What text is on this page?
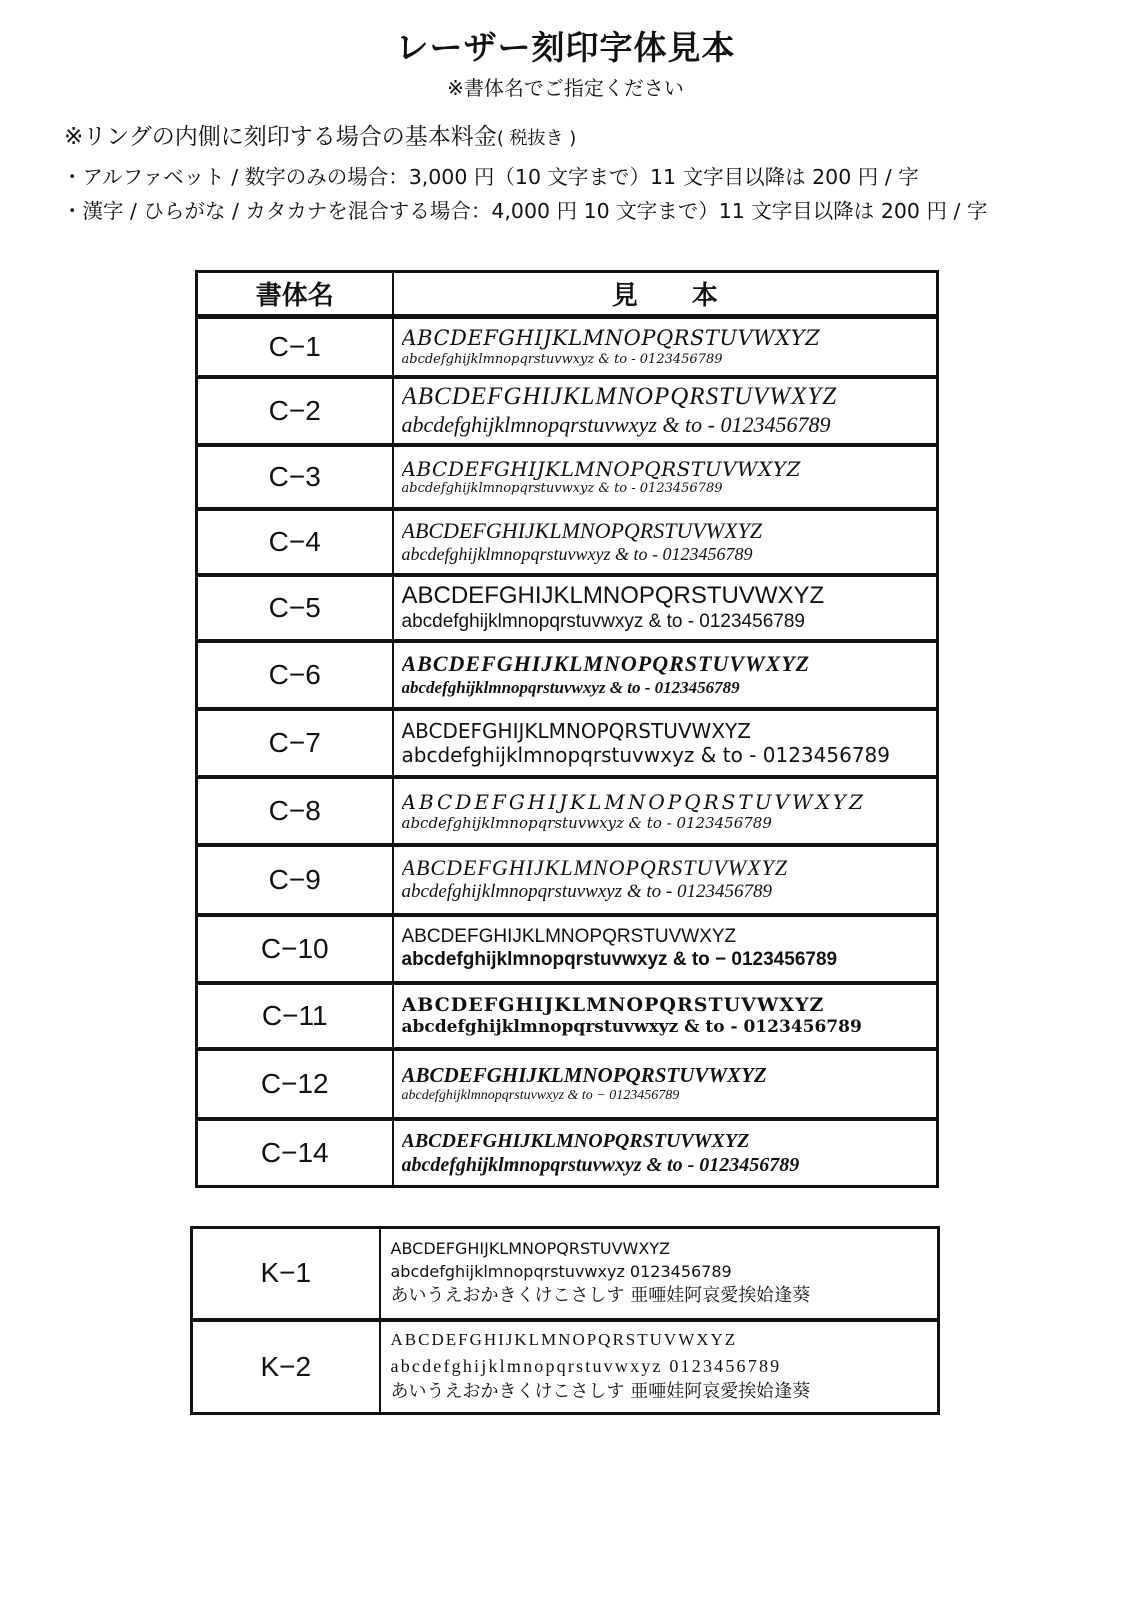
レーザー刻印字体見本
※書体名でご指定ください
※リングの内側に刻印する場合の基本料金( 税抜き )
・アルファベット / 数字のみの場合：3,000 円（10 文字まで）11 文字目以降は 200 円 / 字
・漢字 / ひらがな / カタカナを混合する場合：4,000 円 10 文字まで）11 文字目以降は 200 円 / 字
書体名	見本
C−1	ABCDEFGHIJKLMNOPQRSTUVWXYZ
abcdefghijklmnopqrstuvwxyz & to - 0123456789

C−2	ABCDEFGHIJKLMNOPQRSTUVWXYZ
abcdefghijklmnopqrstuvwxyz & to - 0123456789

C−3	ABCDEFGHIJKLMNOPQRSTUVWXYZ
abcdefghijklmnopqrstuvwxyz & to - 0123456789

C−4	ABCDEFGHIJKLMNOPQRSTUVWXYZ
abcdefghijklmnopqrstuvwxyz & to - 0123456789

C−5	ABCDEFGHIJKLMNOPQRSTUVWXYZ
abcdefghijklmnopqrstuvwxyz & to - 0123456789

C−6	ABCDEFGHIJKLMNOPQRSTUVWXYZ
abcdefghijklmnopqrstuvwxyz & to - 0123456789

C−7	ABCDEFGHIJKLMNOPQRSTUVWXYZ
abcdefghijklmnopqrstuvwxyz & to - 0123456789

C−8	ABCDEFGHIJKLMNOPQRSTUVWXYZ
abcdefghijklmnopqrstuvwxyz & to - 0123456789

C−9	ABCDEFGHIJKLMNOPQRSTUVWXYZ
abcdefghijklmnopqrstuvwxyz & to - 0123456789

C−10	ABCDEFGHIJKLMNOPQRSTUVWXYZ
abcdefghijklmnopqrstuvwxyz & to − 0123456789

C−11	ABCDEFGHIJKLMNOPQRSTUVWXYZ
abcdefghijklmnopqrstuvwxyz & to - 0123456789

C−12	ABCDEFGHIJKLMNOPQRSTUVWXYZ
abcdefghijklmnopqrstuvwxyz & to − 0123456789

C−14	ABCDEFGHIJKLMNOPQRSTUVWXYZ
abcdefghijklmnopqrstuvwxyz & to - 0123456789
K−1	ABCDEFGHIJKLMNOPQRSTUVWXYZ
abcdefghijklmnopqrstuvwxyz 0123456789
あいうえおかきくけこさしす 亜唖娃阿哀愛挨姶逢葵

K−2	ABCDEFGHIJKLMNOPQRSTUVWXYZ
abcdefghijklmnopqrstuvwxyz 0123456789
あいうえおかきくけこさしす 亜唖娃阿哀愛挨姶逢葵
